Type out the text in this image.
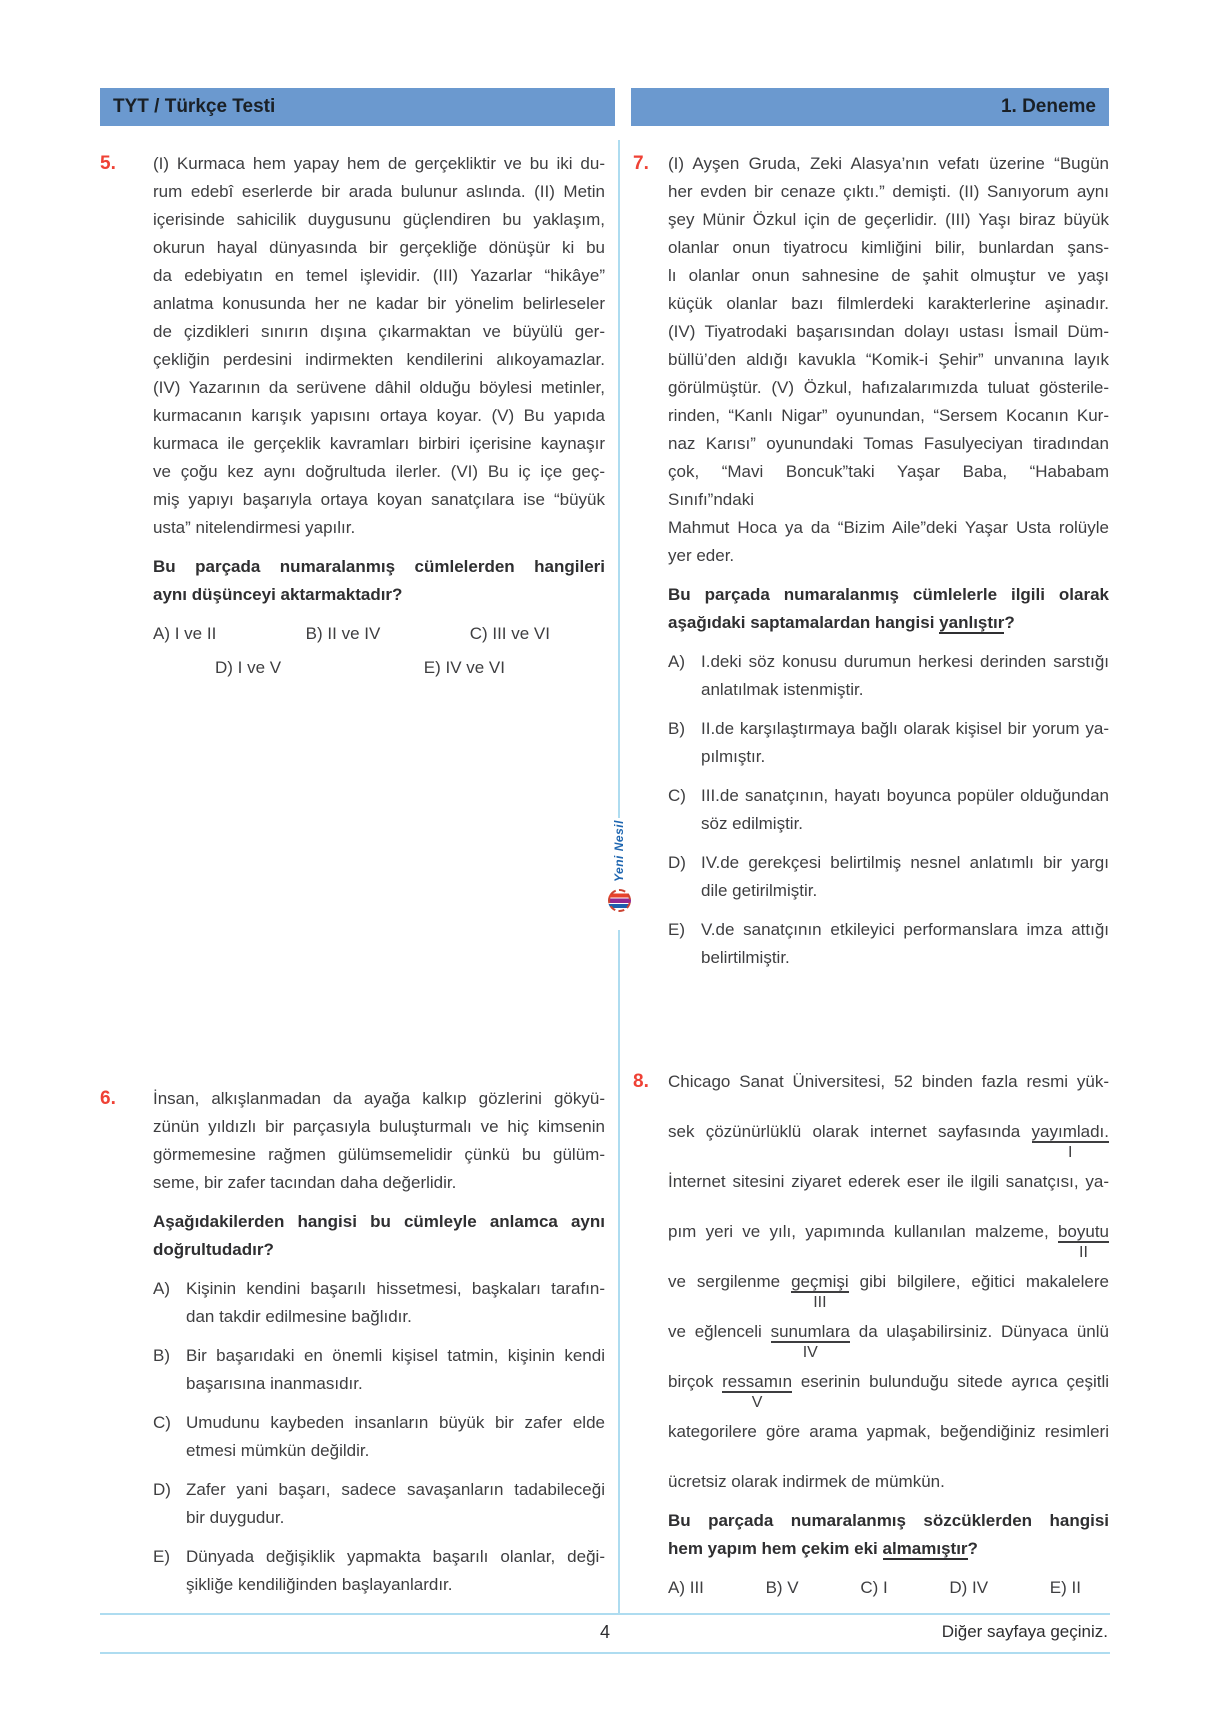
TYT / Türkçe Testi	1. Deneme
Yeni Nesil
5.	(I) Kurmaca hem yapay hem de gerçekliktir ve bu iki du-
rum edebî eserlerde bir arada bulunur aslında. (II) Metin
içerisinde sahicilik duygusunu güçlendiren bu yaklaşım,
okurun hayal dünyasında bir gerçekliğe dönüşür ki bu
da edebiyatın en temel işlevidir. (III) Yazarlar “hikâye”
anlatma konusunda her ne kadar bir yönelim belirleseler
de çizdikleri sınırın dışına çıkarmaktan ve büyülü ger-
çekliğin perdesini indirmekten kendilerini alıkoyamazlar.
(IV) Yazarının da serüvene dâhil olduğu böylesi metinler,
kurmacanın karışık yapısını ortaya koyar. (V) Bu yapıda
kurmaca ile gerçeklik kavramları birbiri içerisine kaynaşır
ve çoğu kez aynı doğrultuda ilerler. (VI) Bu iç içe geç-
miş yapıyı başarıyla ortaya koyan sanatçılara ise “büyük
usta” nitelendirmesi yapılır.
Bu parçada numaralanmış cümlelerden hangileri
aynı düşünceyi aktarmaktadır?
A) I ve II	B) II ve IV	C) III ve VI
D) I ve V	E) IV ve VI
6.	İnsan, alkışlanmadan da ayağa kalkıp gözlerini gökyü-
zünün yıldızlı bir parçasıyla buluşturmalı ve hiç kimsenin
görmemesine rağmen gülümsemelidir çünkü bu gülüm-
seme, bir zafer tacından daha değerlidir.
Aşağıdakilerden hangisi bu cümleyle anlamca aynı
doğrultudadır?
A) Kişinin kendini başarılı hissetmesi, başkaları tarafın-
dan takdir edilmesine bağlıdır.
B) Bir başarıdaki en önemli kişisel tatmin, kişinin kendi
başarısına inanmasıdır.
C) Umudunu kaybeden insanların büyük bir zafer elde
etmesi mümkün değildir.
D) Zafer yani başarı, sadece savaşanların tadabileceği
bir duygudur.
E) Dünyada değişiklik yapmakta başarılı olanlar, deği-
şikliğe kendiliğinden başlayanlardır.
7.	(I) Ayşen Gruda, Zeki Alasya’nın vefatı üzerine “Bugün
her evden bir cenaze çıktı.” demişti. (II) Sanıyorum aynı
şey Münir Özkul için de geçerlidir. (III) Yaşı biraz büyük
olanlar onun tiyatrocu kimliğini bilir, bunlardan şans-
lı olanlar onun sahnesine de şahit olmuştur ve yaşı
küçük olanlar bazı filmlerdeki karakterlerine aşinadır.
(IV) Tiyatrodaki başarısından dolayı ustası İsmail Düm-
büllü’den aldığı kavukla “Komik-i Şehir” unvanına layık
görülmüştür. (V) Özkul, hafızalarımızda tuluat gösterile-
rinden, “Kanlı Nigar” oyunundan, “Sersem Kocanın Kur-
naz Karısı” oyunundaki Tomas Fasulyeciyan tiradından
çok, “Mavi Boncuk”taki Yaşar Baba, “Hababam Sınıfı”ndaki
Mahmut Hoca ya da “Bizim Aile”deki Yaşar Usta rolüyle
yer eder.
Bu parçada numaralanmış cümlelerle ilgili olarak
aşağıdaki saptamalardan hangisi yanlıştır?
A) I.deki söz konusu durumun herkesi derinden sarstığı
anlatılmak istenmiştir.
B) II.de karşılaştırmaya bağlı olarak kişisel bir yorum ya-
pılmıştır.
C) III.de sanatçının, hayatı boyunca popüler olduğundan
söz edilmiştir.
D) IV.de gerekçesi belirtilmiş nesnel anlatımlı bir yargı
dile getirilmiştir.
E) V.de sanatçının etkileyici performanslara imza attığı
belirtilmiştir.
8.	Chicago Sanat Üniversitesi, 52 binden fazla resmi yük-
sek çözünürlüklü olarak internet sayfasında yayımladı.
I
İnternet sitesini ziyaret ederek eser ile ilgili sanatçısı, ya-
pım yeri ve yılı, yapımında kullanılan malzeme, boyutu
II
ve sergilenme geçmişi
III
gibi bilgilere, eğitici makalelere
ve eğlenceli sunumlara
IV
da ulaşabilirsiniz. Dünyaca ünlü
birçok ressamın
V
eserinin bulunduğu sitede ayrıca çeşitli
kategorilere göre arama yapmak, beğendiğiniz resimleri
ücretsiz olarak indirmek de mümkün.
Bu parçada numaralanmış sözcüklerden hangisi
hem yapım hem çekim eki almamıştır?
A) III	B) V	C) I	D) IV	E) II
4	Diğer sayfaya geçiniz.
